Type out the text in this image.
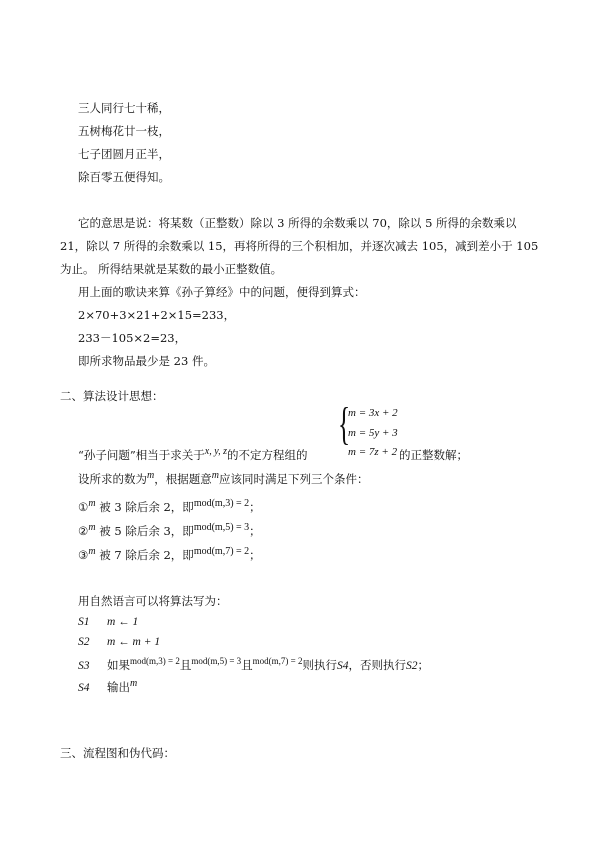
三人同行七十稀，
五树梅花廿一枝，
七子团圆月正半，
除百零五便得知。
它的意思是说：将某数（正整数）除以 3 所得的余数乘以 70，除以 5 所得的余数乘以
21，除以 7 所得的余数乘以 15，再将所得的三个积相加，并逐次减去 105，减到差小于 105
为止。 所得结果就是某数的最小正整数值。
用上面的歌诀来算《孙子算经》中的问题，便得到算式：
2×70+3×21+2×15=233，
233－105×2=23，
即所求物品最少是 23 件。
二、算法设计思想：
{
m = 3x + 2
m = 5y + 3
m = 7z + 2
“孙子问题”相当于求关于x, y, z的不定方程组的	的正整数解；
设所求的数为m，根据题意m应该同时满足下列三个条件：
①m 被 3 除后余 2，即mod(m,3) = 2；
②m 被 5 除后余 3，即mod(m,5) = 3；
③m 被 7 除后余 2，即mod(m,7) = 2；
用自然语言可以将算法写为：
S1 m ← 1
S2 m ← m + 1
S3 如果$^{mod(m,3) = 2}$且$^{mod(m,5) = 3}$且$^{mod(m,7) = 2}$则执行S4，否则执行S2；
S4 输出m
三、流程图和伪代码：
